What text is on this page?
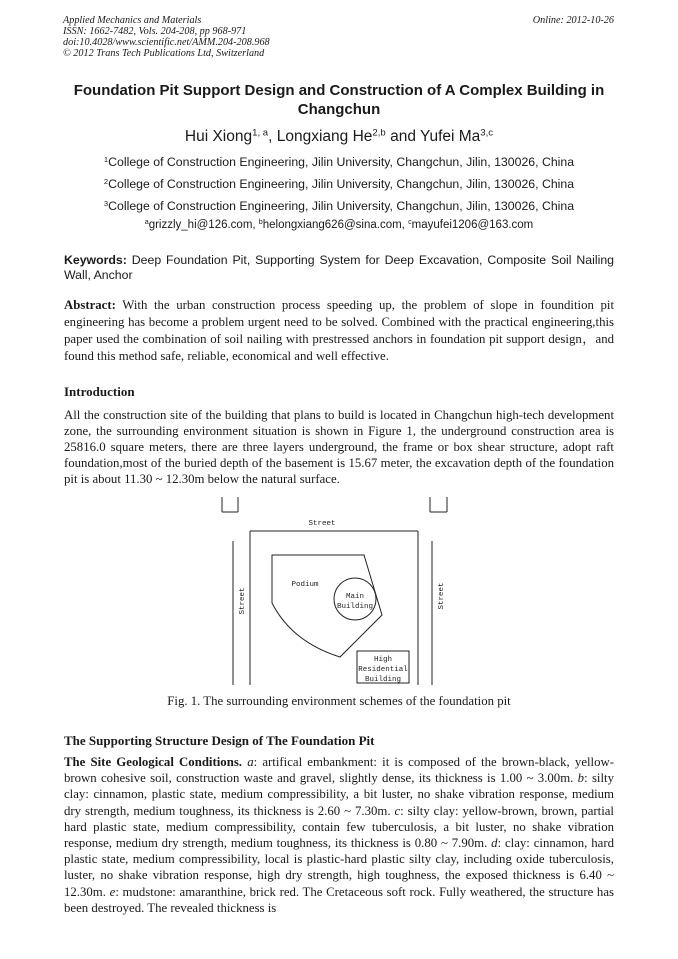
Applied Mechanics and Materials
ISSN: 1662-7482, Vols. 204-208, pp 968-971
doi:10.4028/www.scientific.net/AMM.204-208.968
© 2012 Trans Tech Publications Ltd, Switzerland
Online: 2012-10-26
Foundation Pit Support Design and Construction of A Complex Building in Changchun
Hui Xiong$^{1, a}$, Longxiang He$^{2,b}$ and Yufei Ma$^{3,c}$
$^1$College of Construction Engineering, Jilin University, Changchun, Jilin, 130026, China
$^2$College of Construction Engineering, Jilin University, Changchun, Jilin, 130026, China
$^3$College of Construction Engineering, Jilin University, Changchun, Jilin, 130026, China
$^a$grizzly_hi@126.com, $^b$helongxiang626@sina.com, $^c$mayufei1206@163.com
Keywords: Deep Foundation Pit, Supporting System for Deep Excavation, Composite Soil Nailing Wall, Anchor
Abstract: With the urban construction process speeding up, the problem of slope in foundition pit engineering has become a problem urgent need to be solved. Combined with the practical engineering,this paper used the combination of soil nailing with prestressed anchors in foundation pit support design，and found this method safe, reliable, economical and well effective.
Introduction
All the construction site of the building that plans to build is located in Changchun high-tech development zone, the surrounding environment situation is shown in Figure 1, the underground construction area is 25816.0 square meters, there are three layers underground, the frame or box shear structure, adopt raft foundation,most of the buried depth of the basement is 15.67 meter, the excavation depth of the foundation pit is about 11.30 ~ 12.30m below the natural surface.
Street
Street	Street
Podium
Main
Building
High
Residential
Building
Fig. 1. The surrounding environment schemes of the foundation pit
The Supporting Structure Design of The Foundation Pit
The Site Geological Conditions. a: artifical embankment: it is composed of the brown-black, yellow-brown cohesive soil, construction waste and gravel, slightly dense, its thickness is 1.00 ~ 3.00m. b: silty clay: cinnamon, plastic state, medium compressibility, a bit luster, no shake vibration response, medium dry strength, medium toughness, its thickness is 2.60 ~ 7.30m. c: silty clay: yellow-brown, brown, partial hard plastic state, medium compressibility, contain few tuberculosis, a bit luster, no shake vibration response, medium dry strength, medium toughness, its thickness is 0.80 ~ 7.90m. d: clay: cinnamon, hard plastic state, medium compressibility, local is plastic-hard plastic silty clay, including oxide tuberculosis, luster, no shake vibration response, high dry strength, high toughness, the exposed thickness is 6.40 ~ 12.30m. e: mudstone: amaranthine, brick red. The Cretaceous soft rock. Fully weathered, the structure has been destroyed. The revealed thickness is
